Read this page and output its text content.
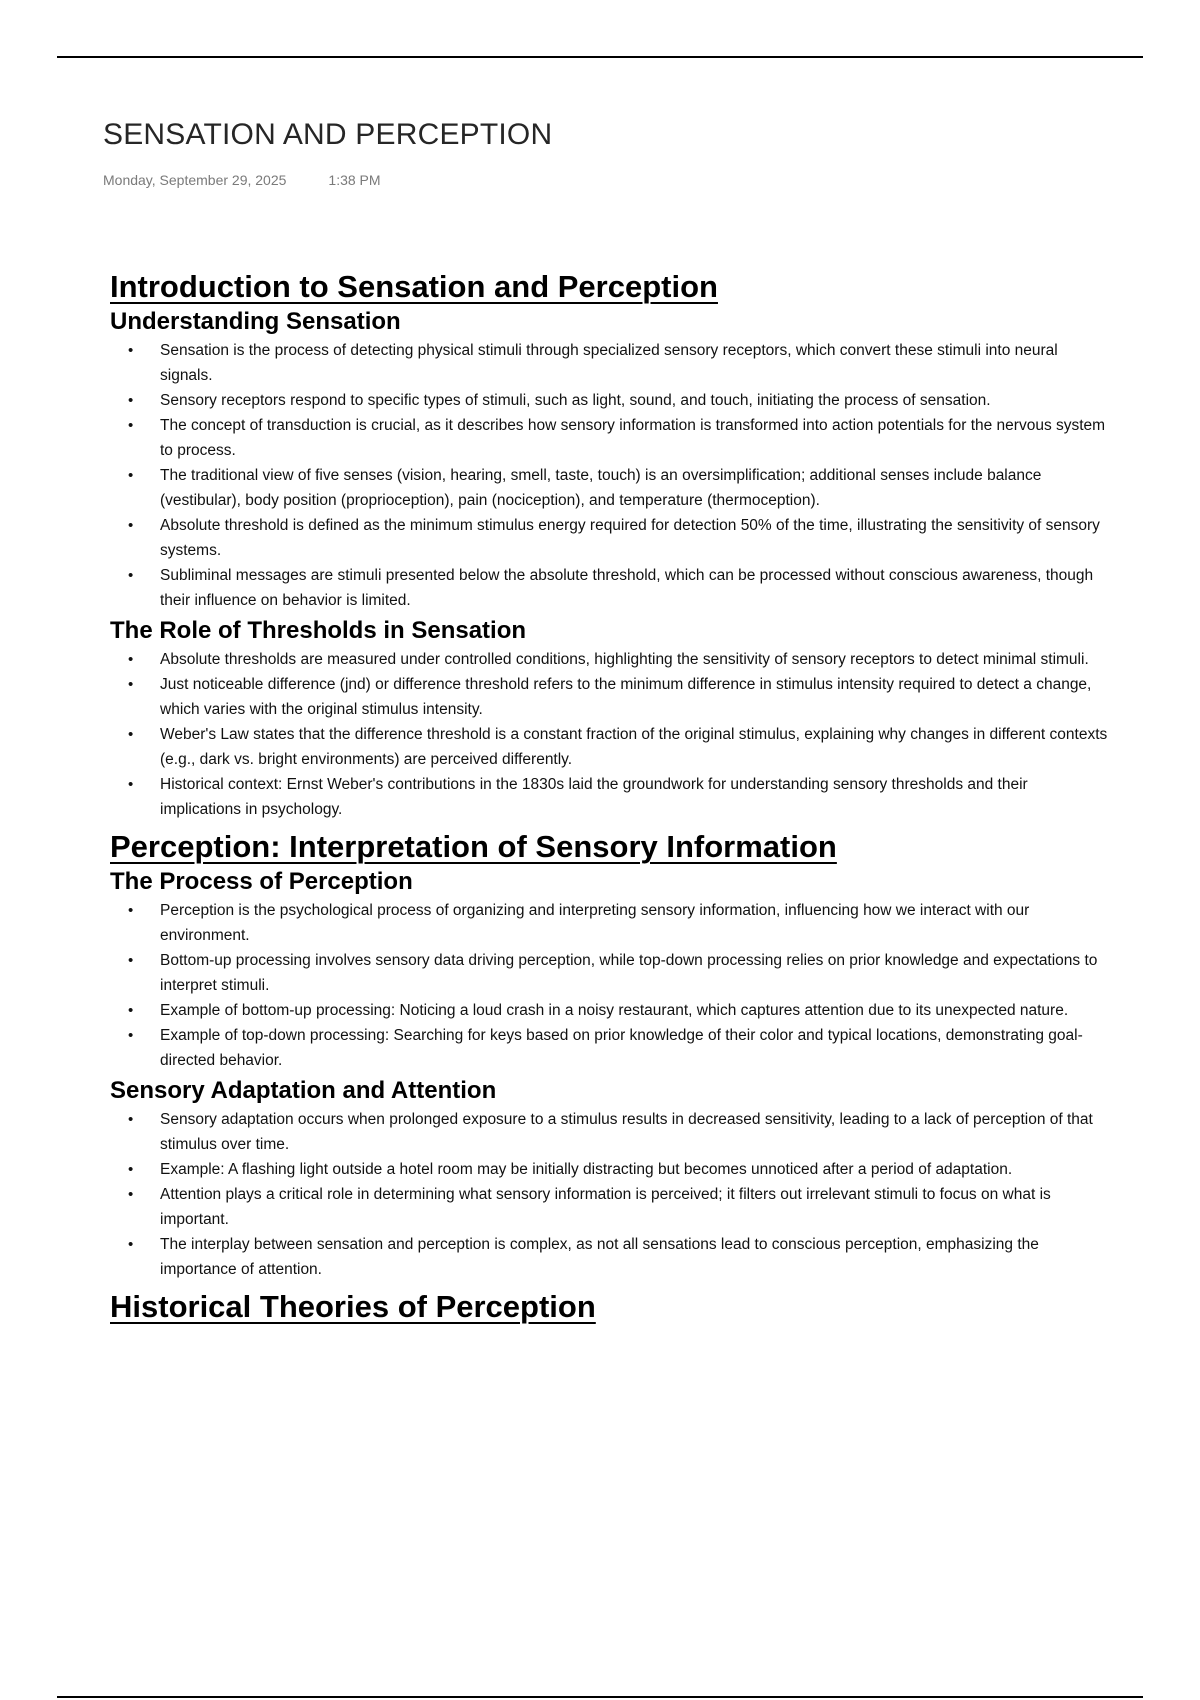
SENSATION AND PERCEPTION
Monday, September 29, 2025	1:38 PM
Introduction to Sensation and Perception
Understanding Sensation
• Sensation is the process of detecting physical stimuli through specialized sensory receptors, which convert these stimuli into neural signals.
• Sensory receptors respond to specific types of stimuli, such as light, sound, and touch, initiating the process of sensation.
• The concept of transduction is crucial, as it describes how sensory information is transformed into action potentials for the nervous system to process.
• The traditional view of five senses (vision, hearing, smell, taste, touch) is an oversimplification; additional senses include balance (vestibular), body position (proprioception), pain (nociception), and temperature (thermoception).
• Absolute threshold is defined as the minimum stimulus energy required for detection 50% of the time, illustrating the sensitivity of sensory systems.
• Subliminal messages are stimuli presented below the absolute threshold, which can be processed without conscious awareness, though their influence on behavior is limited.
The Role of Thresholds in Sensation
• Absolute thresholds are measured under controlled conditions, highlighting the sensitivity of sensory receptors to detect minimal stimuli.
• Just noticeable difference (jnd) or difference threshold refers to the minimum difference in stimulus intensity required to detect a change, which varies with the original stimulus intensity.
• Weber's Law states that the difference threshold is a constant fraction of the original stimulus, explaining why changes in different contexts (e.g., dark vs. bright environments) are perceived differently.
• Historical context: Ernst Weber's contributions in the 1830s laid the groundwork for understanding sensory thresholds and their implications in psychology.
Perception: Interpretation of Sensory Information
The Process of Perception
• Perception is the psychological process of organizing and interpreting sensory information, influencing how we interact with our environment.
• Bottom-up processing involves sensory data driving perception, while top-down processing relies on prior knowledge and expectations to interpret stimuli.
• Example of bottom-up processing: Noticing a loud crash in a noisy restaurant, which captures attention due to its unexpected nature.
• Example of top-down processing: Searching for keys based on prior knowledge of their color and typical locations, demonstrating goal-directed behavior.
Sensory Adaptation and Attention
• Sensory adaptation occurs when prolonged exposure to a stimulus results in decreased sensitivity, leading to a lack of perception of that stimulus over time.
• Example: A flashing light outside a hotel room may be initially distracting but becomes unnoticed after a period of adaptation.
• Attention plays a critical role in determining what sensory information is perceived; it filters out irrelevant stimuli to focus on what is important.
• The interplay between sensation and perception is complex, as not all sensations lead to conscious perception, emphasizing the importance of attention.
Historical Theories of Perception
